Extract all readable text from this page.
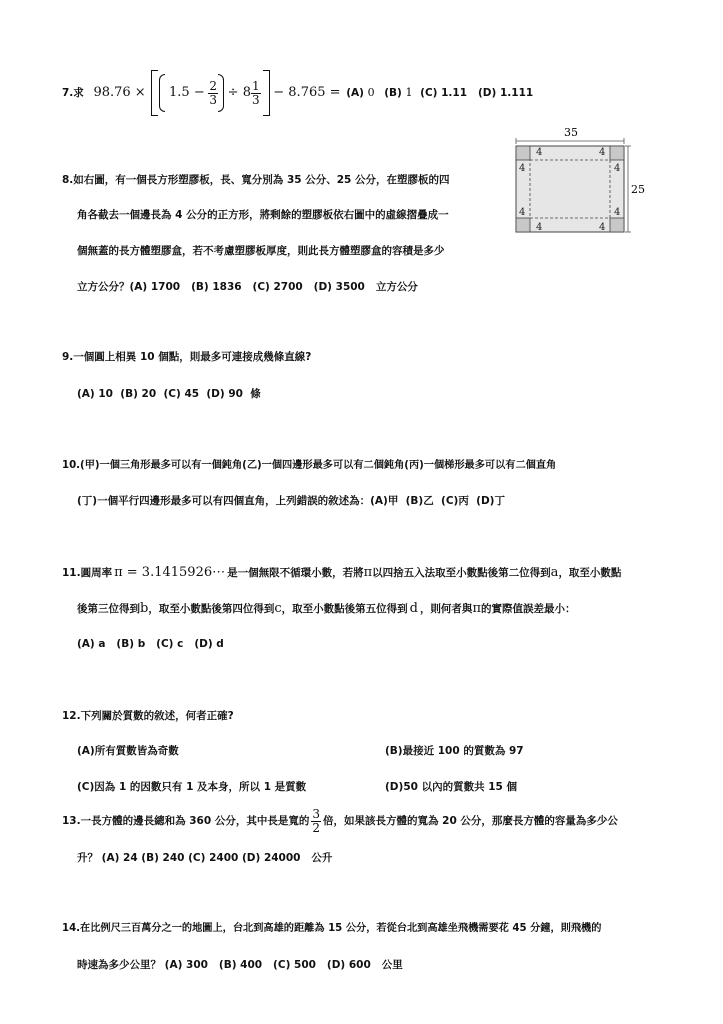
7.求 $98.76 \times 1.5 - \frac{2}{3} \div 8 \frac{1}{3} - 8.765 = (A)$ 0 (B) 1 (C) 1.11   (D) 1.111
35
4
4
4
4
4
4
4
4
25
8.如右圖，有一個長方形塑膠板，長、寬分別為 35 公分、25 公分，在塑膠板的四
角各截去一個邊長為 4 公分的正方形，將剩餘的塑膠板依右圖中的虛線摺疊成一
個無蓋的長方體塑膠盒，若不考慮塑膠板厚度，則此長方體塑膠盒的容積是多少
立方公分？(A) 1700   (B) 1836   (C) 2700   (D) 3500   立方公分
9.一個圓上相異 10 個點，則最多可連接成幾條直線?
(A) 10  (B) 20  (C) 45  (D) 90  條
10.(甲)一個三角形最多可以有一個鈍角(乙)一個四邊形最多可以有二個鈍角(丙)一個梯形最多可以有二個直角
(丁)一個平行四邊形最多可以有四個直角，上列錯誤的敘述為：(A)甲  (B)乙  (C)丙  (D)丁
11.圓周率 π = 3.1415926⋯ 是一個無限不循環小數，若將π以四捨五入法取至小數點後第二位得到a，取至小數點
後第三位得到b，取至小數點後第四位得到c，取至小數點後第五位得到 d ，則何者與π的實際值誤差最小：
(A) a   (B) b   (C) c   (D) d
12.下列關於質數的敘述，何者正確?
(A)所有質數皆為奇數	(B)最接近 100 的質數為 97
(C)因為 1 的因數只有 1 及本身，所以 1 是質數	(D)50 以內的質數共 15 個
13.一長方體的邊長總和為 360 公分，其中長是寬的 $\frac{3}{2}$ 倍，如果該長方體的寬為 20 公分，那麼長方體的容量為多少公
升？ (A) 24 (B) 240 (C) 2400 (D) 24000   公升
14.在比例尺三百萬分之一的地圖上，台北到高雄的距離為 15 公分，若從台北到高雄坐飛機需要花 45 分鐘，則飛機的
時速為多少公里？ (A) 300   (B) 400   (C) 500   (D) 600   公里
